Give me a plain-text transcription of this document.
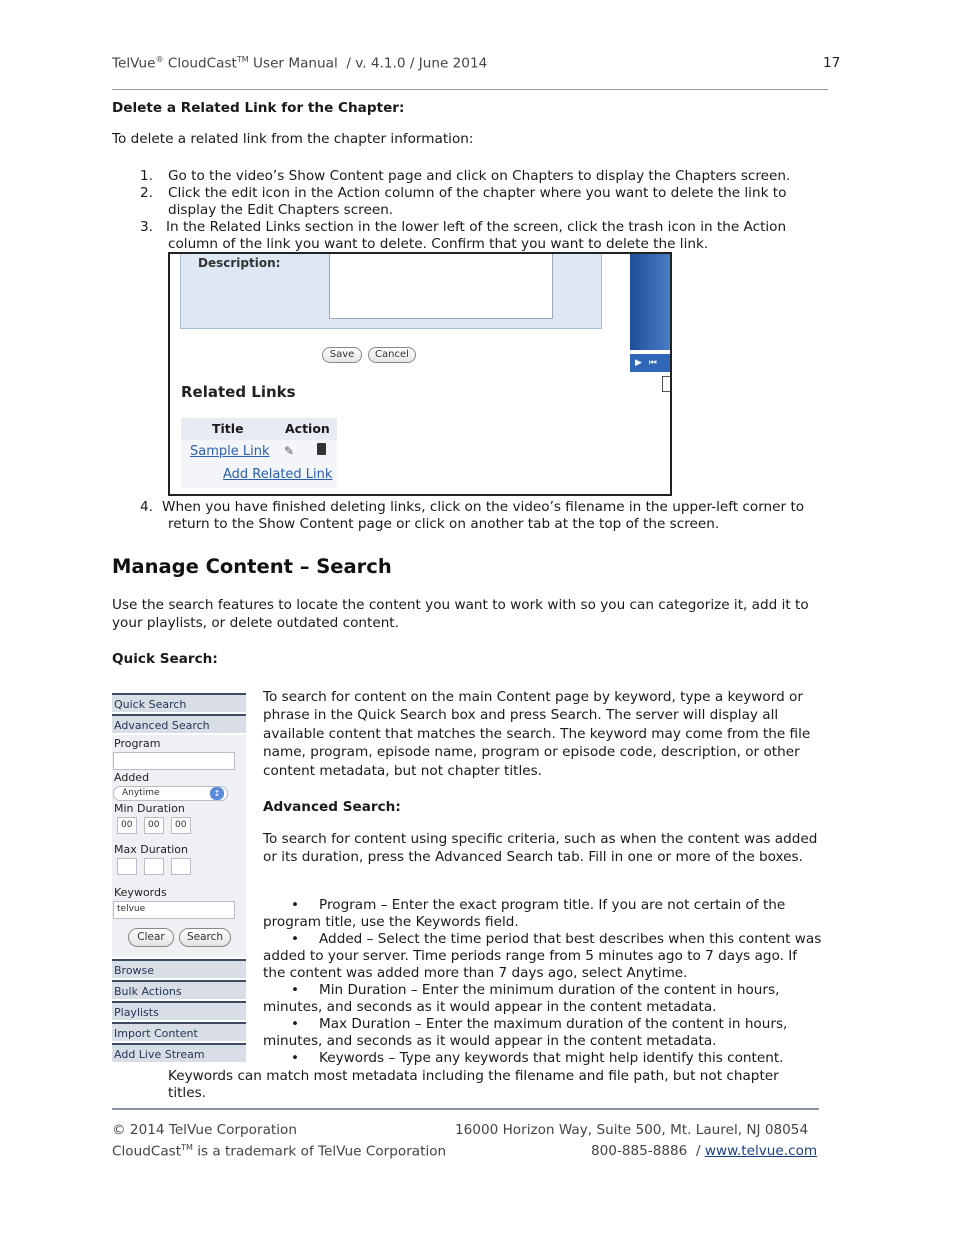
TelVue® CloudCast™ User Manual  / v. 4.1.0 / June 2014	17
Delete a Related Link for the Chapter:
To delete a related link from the chapter information:
1. Go to the video’s Show Content page and click on Chapters to display the Chapters screen.
2. Click the edit icon in the Action column of the chapter where you want to delete the link to
display the Edit Chapters screen.
3. In the Related Links section in the lower left of the screen, click the trash icon in the Action
column of the link you want to delete. Confirm that you want to delete the link.
Description:
▶ ⏮
Save	Cancel
Related Links
Title	Action
Sample Link ✎
Add Related Link
4. When you have finished deleting links, click on the video’s filename in the upper-left corner to
return to the Show Content page or click on another tab at the top of the screen.
Manage Content – Search
Use the search features to locate the content you want to work with so you can categorize it, add it to
your playlists, or delete outdated content.
Quick Search:
Quick Search
Advanced Search
Program
Added
Anytime	↕
Min Duration
00	00	00
Max Duration
Keywords
telvue
Clear	Search
Browse
Bulk Actions
Playlists
Import Content
Add Live Stream
To search for content on the main Content page by keyword, type a keyword or
phrase in the Quick Search box and press Search. The server will display all
available content that matches the search. The keyword may come from the file
name, program, episode name, program or episode code, description, or other
content metadata, but not chapter titles.
Advanced Search:
To search for content using specific criteria, such as when the content was added
or its duration, press the Advanced Search tab. Fill in one or more of the boxes.
• Program – Enter the exact program title. If you are not certain of the
program title, use the Keywords field.
• Added – Select the time period that best describes when this content was
added to your server. Time periods range from 5 minutes ago to 7 days ago. If
the content was added more than 7 days ago, select Anytime.
• Min Duration – Enter the minimum duration of the content in hours,
minutes, and seconds as it would appear in the content metadata.
• Max Duration – Enter the maximum duration of the content in hours,
minutes, and seconds as it would appear in the content metadata.
• Keywords – Type any keywords that might help identify this content.
Keywords can match most metadata including the filename and file path, but not chapter
titles.
© 2014 TelVue Corporation	16000 Horizon Way, Suite 500, Mt. Laurel, NJ 08054
CloudCast™ is a trademark of TelVue Corporation	800-885-8886  / www.telvue.com
